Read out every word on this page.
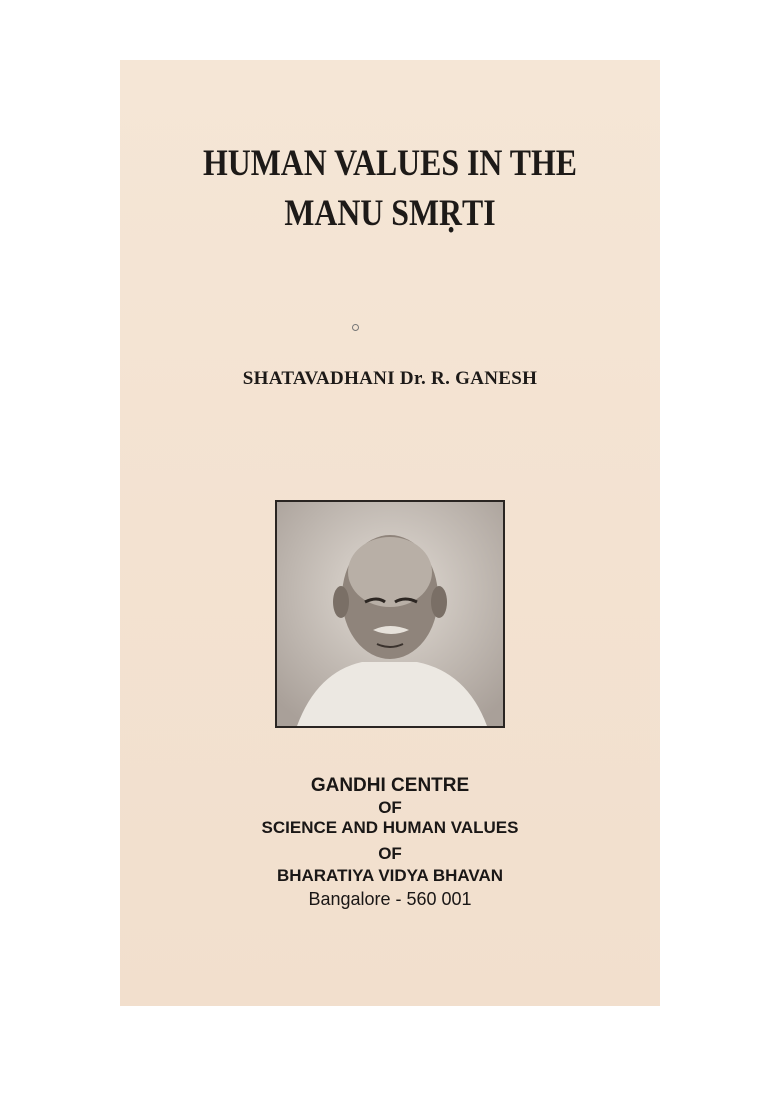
HUMAN VALUES IN THE
MANU SMṚTI
SHATAVADHANI Dr. R. GANESH
GANDHI CENTRE
OF
SCIENCE AND HUMAN VALUES
OF
BHARATIYA VIDYA BHAVAN
Bangalore - 560 001
